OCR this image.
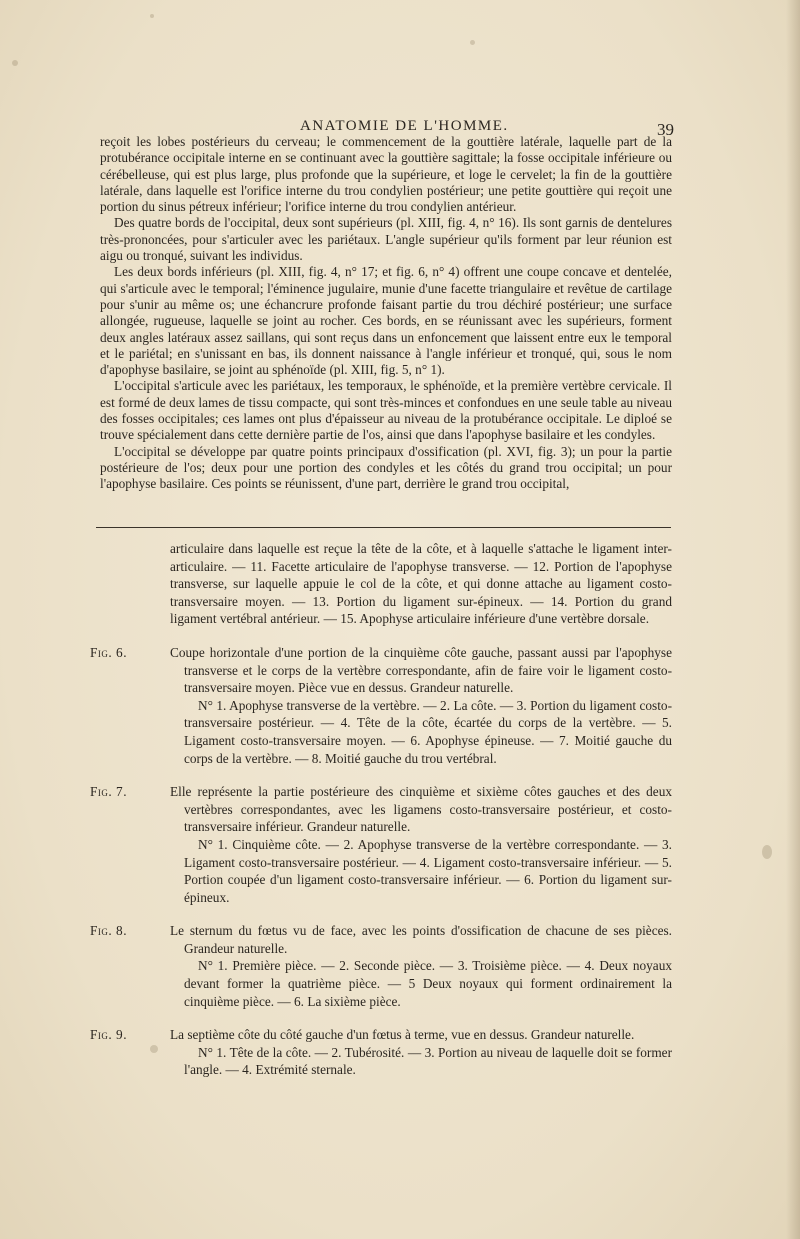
ANATOMIE DE L'HOMME.	39

reçoit les lobes postérieurs du cerveau; le commencement de la gouttière latérale, laquelle part de la protubérance occipitale interne en se continuant avec la gouttière sagittale; la fosse occipitale inférieure ou cérébelleuse, qui est plus large, plus profonde que la supérieure, et loge le cervelet; la fin de la gouttière latérale, dans laquelle est l'orifice interne du trou condylien postérieur; une petite gouttière qui reçoit une portion du sinus pétreux inférieur; l'orifice interne du trou condylien antérieur.

Des quatre bords de l'occipital, deux sont supérieurs (pl. XIII, fig. 4, n° 16). Ils sont garnis de dentelures très-prononcées, pour s'articuler avec les pariétaux. L'angle supérieur qu'ils forment par leur réunion est aigu ou tronqué, suivant les individus.

Les deux bords inférieurs (pl. XIII, fig. 4, n° 17; et fig. 6, n° 4) offrent une coupe concave et dentelée, qui s'articule avec le temporal; l'éminence jugulaire, munie d'une facette triangulaire et revêtue de cartilage pour s'unir au même os; une échancrure profonde faisant partie du trou déchiré postérieur; une surface allongée, rugueuse, laquelle se joint au rocher. Ces bords, en se réunissant avec les supérieurs, forment deux angles latéraux assez saillans, qui sont reçus dans un enfoncement que laissent entre eux le temporal et le pariétal; en s'unissant en bas, ils donnent naissance à l'angle inférieur et tronqué, qui, sous le nom d'apophyse basilaire, se joint au sphénoïde (pl. XIII, fig. 5, n° 1).

L'occipital s'articule avec les pariétaux, les temporaux, le sphénoïde, et la première vertèbre cervicale. Il est formé de deux lames de tissu compacte, qui sont très-minces et confondues en une seule table au niveau des fosses occipitales; ces lames ont plus d'épaisseur au niveau de la protubérance occipitale. Le diploé se trouve spécialement dans cette dernière partie de l'os, ainsi que dans l'apophyse basilaire et les condyles.

L'occipital se développe par quatre points principaux d'ossification (pl. XVI, fig. 3); un pour la partie postérieure de l'os; deux pour une portion des condyles et les côtés du grand trou occipital; un pour l'apophyse basilaire. Ces points se réunissent, d'une part, derrière le grand trou occipital,

articulaire dans laquelle est reçue la tête de la côte, et à laquelle s'attache le ligament inter-articulaire. — 11. Facette articulaire de l'apophyse transverse. — 12. Portion de l'apophyse transverse, sur laquelle appuie le col de la côte, et qui donne attache au ligament costo-transversaire moyen. — 13. Portion du ligament sur-épineux. — 14. Portion du grand ligament vertébral antérieur. — 15. Apophyse articulaire inférieure d'une vertèbre dorsale.
Fig. 6.	Coupe horizontale d'une portion de la cinquième côte gauche, passant aussi par l'apophyse transverse et le corps de la vertèbre correspondante, afin de faire voir le ligament costo-transversaire moyen. Pièce vue en dessus. Grandeur naturelle.

N° 1. Apophyse transverse de la vertèbre. — 2. La côte. — 3. Portion du ligament costo-transversaire postérieur. — 4. Tête de la côte, écartée du corps de la vertèbre. — 5. Ligament costo-transversaire moyen. — 6. Apophyse épineuse. — 7. Moitié gauche du corps de la vertèbre. — 8. Moitié gauche du trou vertébral.

Fig. 7.	Elle représente la partie postérieure des cinquième et sixième côtes gauches et des deux vertèbres correspondantes, avec les ligamens costo-transversaire postérieur, et costo-transversaire inférieur. Grandeur naturelle.

N° 1. Cinquième côte. — 2. Apophyse transverse de la vertèbre correspondante. — 3. Ligament costo-transversaire postérieur. — 4. Ligament costo-transversaire inférieur. — 5. Portion coupée d'un ligament costo-transversaire inférieur. — 6. Portion du ligament sur-épineux.

Fig. 8.	Le sternum du fœtus vu de face, avec les points d'ossification de chacune de ses pièces. Grandeur naturelle.

N° 1. Première pièce. — 2. Seconde pièce. — 3. Troisième pièce. — 4. Deux noyaux devant former la quatrième pièce. — 5 Deux noyaux qui forment ordinairement la cinquième pièce. — 6. La sixième pièce.

Fig. 9.	La septième côte du côté gauche d'un fœtus à terme, vue en dessus. Grandeur naturelle.

N° 1. Tête de la côte. — 2. Tubérosité. — 3. Portion au niveau de laquelle doit se former l'angle. — 4. Extrémité sternale.
